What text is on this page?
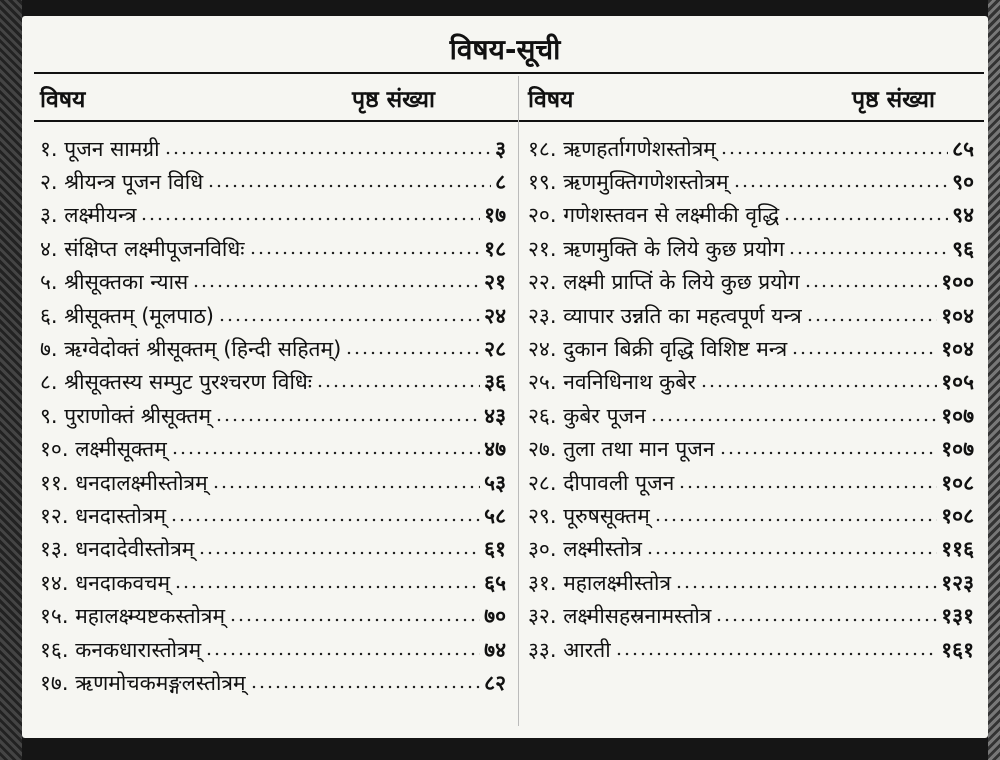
विषय-सूची
विषय	पृष्ठ संख्या	विषय	पृष्ठ संख्या
१. पूजन सामग्री	३
२. श्रीयन्त्र पूजन विधि	८
३. लक्ष्मीयन्त्र	१७
४. संक्षिप्त लक्ष्मीपूजनविधिः	१८
५. श्रीसूक्तका न्यास	२१
६. श्रीसूक्तम् (मूलपाठ)	२४
७. ऋग्वेदोक्तं श्रीसूक्तम् (हिन्दी सहितम्)	२८
८. श्रीसूक्तस्य सम्पुट पुरश्चरण विधिः	३६
९. पुराणोक्तं श्रीसूक्तम्	४३
१०. लक्ष्मीसूक्तम्	४७
११. धनदालक्ष्मीस्तोत्रम्	५३
१२. धनदास्तोत्रम्	५८
१३. धनदादेवीस्तोत्रम्	६१
१४. धनदाकवचम्	६५
१५. महालक्ष्म्यष्टकस्तोत्रम्	७०
१६. कनकधारास्तोत्रम्	७४
१७. ऋणमोचकमङ्गलस्तोत्रम्	८२
१८. ऋणहर्तागणेशस्तोत्रम्	८५
१९. ऋणमुक्तिगणेशस्तोत्रम्	९०
२०. गणेशस्तवन से लक्ष्मीकी वृद्धि	९४
२१. ऋणमुक्ति के लिये कुछ प्रयोग	९६
२२. लक्ष्मी प्राप्तिं के लिये कुछ प्रयोग	१००
२३. व्यापार उन्नति का महत्वपूर्ण यन्त्र	१०४
२४. दुकान बिक्री वृद्धि विशिष्ट मन्त्र	१०४
२५. नवनिधिनाथ कुबेर	१०५
२६. कुबेर पूजन	१०७
२७. तुला तथा मान पूजन	१०७
२८. दीपावली पूजन	१०८
२९. पूरुषसूक्तम्	१०८
३०. लक्ष्मीस्तोत्र	११६
३१. महालक्ष्मीस्तोत्र	१२३
३२. लक्ष्मीसहस्रनामस्तोत्र	१३१
३३. आरती	१६१
